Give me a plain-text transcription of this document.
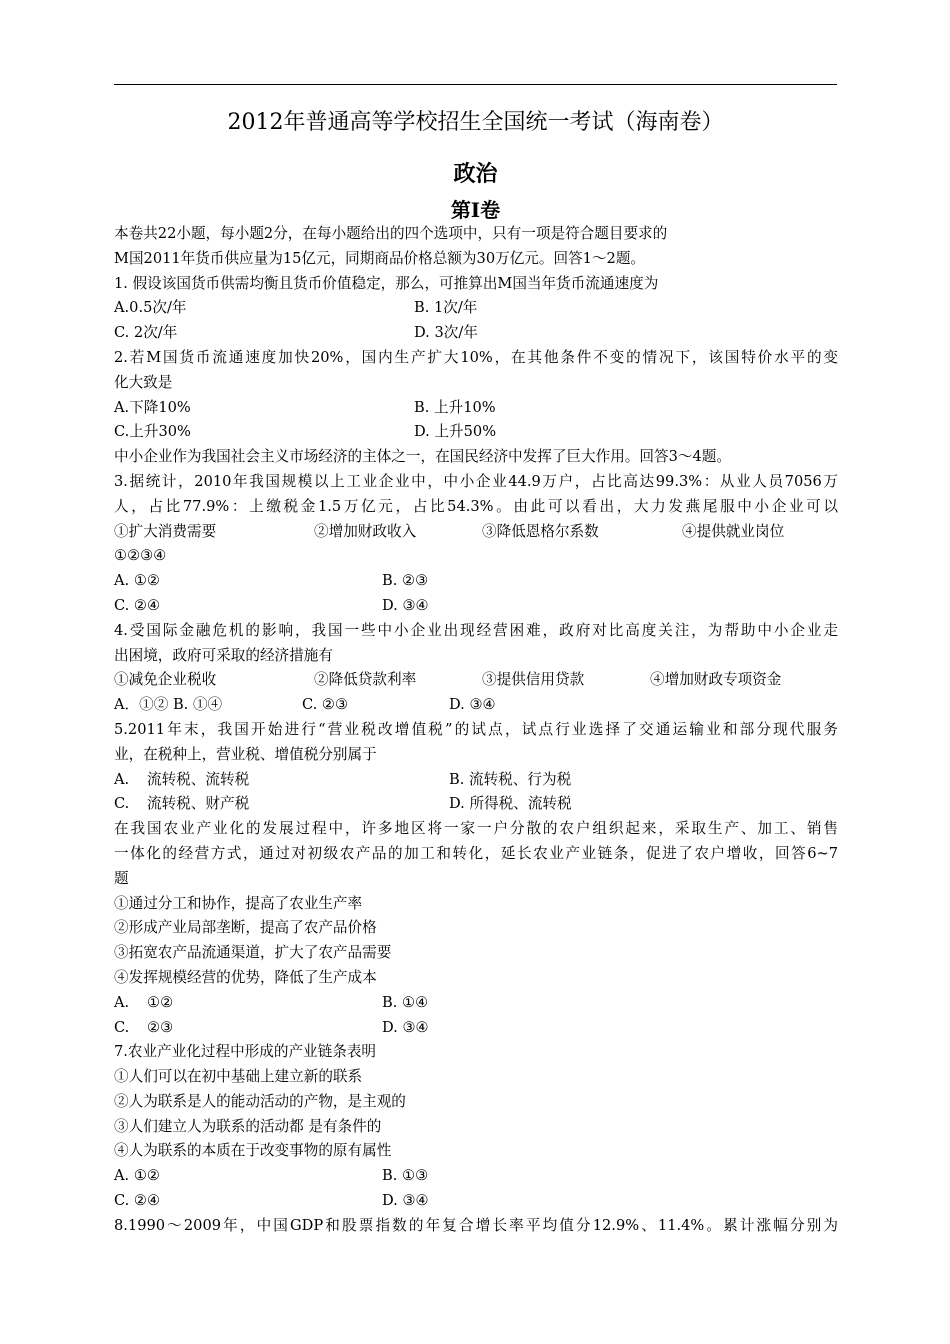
2012年普通高等学校招生全国统一考试（海南卷）
政治
第Ⅰ卷
本卷共22小题，每小题2分，在每小题给出的四个选项中，只有一项是符合题目要求的
M国2011年货币供应量为15亿元，同期商品价格总额为30万亿元。回答1～2题。
1. 假设该国货币供需均衡且货币价值稳定，那么，可推算出M国当年货币流通速度为
A.0.5次/年	B. 1次/年
C. 2次/年	D. 3次/年
2.若M国货币流通速度加快20%，国内生产扩大10%，在其他条件不变的情况下，该国特价水平的变
化大致是
A.下降10%	B. 上升10%
C.上升30%	D. 上升50%
中小企业作为我国社会主义市场经济的主体之一，在国民经济中发挥了巨大作用。回答3～4题。
3.据统计，2010年我国规模以上工业企业中，中小企业44.9万户，占比高达99.3%：从业人员7056万
人，占比77.9%：上缴税金1.5万亿元，占比54.3%。由此可以看出，大力发燕尾服中小企业可以
①扩大消费需要	②增加财政收入	③降低恩格尔系数	④提供就业岗位
①②③④
A. ①②	B. ②③
C. ②④	D. ③④
4.受国际金融危机的影响，我国一些中小企业出现经营困难，政府对比高度关注，为帮助中小企业走
出困境，政府可采取的经济措施有
①减免企业税收	②降低贷款利率	③提供信用贷款	④增加财政专项资金
A．①② B. ①④	C. ②③	D. ③④
5.2011年末，我国开始进行“营业税改增值税”的试点，试点行业选择了交通运输业和部分现代服务
业，在税种上，营业税、增值税分别属于
A. 流转税、流转税	B. 流转税、行为税
C. 流转税、财产税	D. 所得税、流转税
在我国农业产业化的发展过程中，许多地区将一家一户分散的农户组织起来，采取生产、加工、销售
一体化的经营方式，通过对初级农产品的加工和转化，延长农业产业链条，促进了农户增收，回答6~7
题
①通过分工和协作，提高了农业生产率
②形成产业局部垄断，提高了农产品价格
③拓宽农产品流通渠道，扩大了农产品需要
④发挥规模经营的优势，降低了生产成本
A. ①②	B. ①④
C. ②③	D. ③④
7.农业产业化过程中形成的产业链条表明
①人们可以在初中基础上建立新的联系
②人为联系是人的能动活动的产物，是主观的
③人们建立人为联系的活动都 是有条件的
④人为联系的本质在于改变事物的原有属性
A. ①②	B. ①③
C. ②④	D. ③④
8.1990～2009年，中国GDP和股票指数的年复合增长率平均值分12.9%、11.4%。累计涨幅分别为
